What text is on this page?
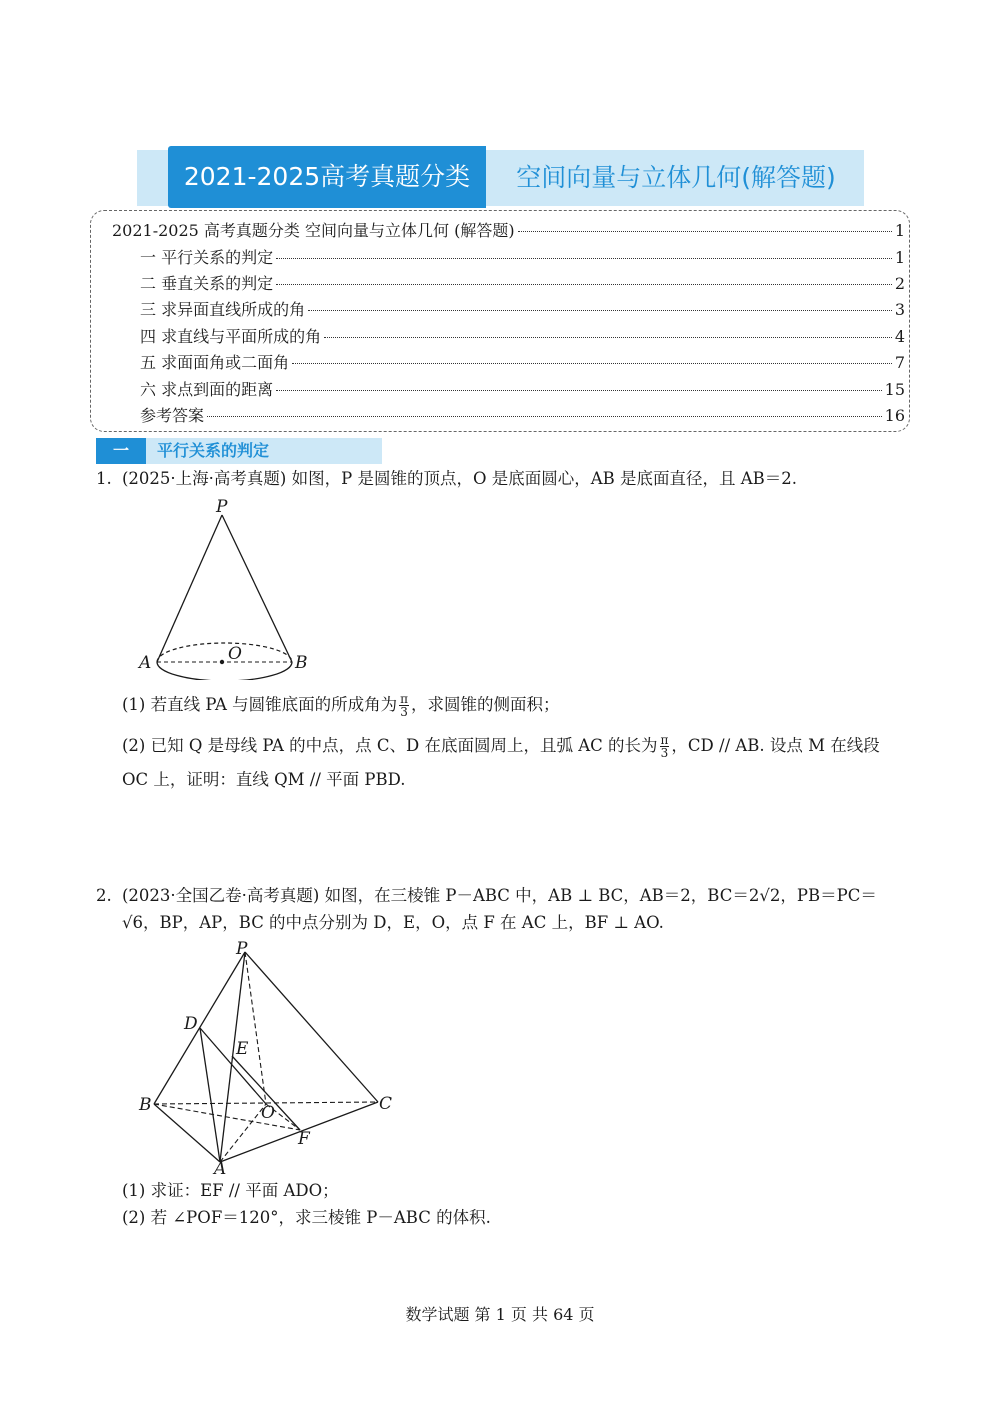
2021-2025高考真题分类	空间向量与立体几何(解答题)
2021-2025 高考真题分类 空间向量与立体几何 (解答题)	1
一 平行关系的判定	1
二 垂直关系的判定	2
三 求异面直线所成的角	3
四 求直线与平面所成的角	4
五 求面面角或二面角	7
六 求点到面的距离	15
参考答案	16
一	平行关系的判定
1. (2025·上海·高考真题) 如图，P 是圆锥的顶点，O 是底面圆心，AB 是底面直径，且 AB＝2.
P
A	B
O
(1) 若直线 PA 与圆锥底面的所成角为 $\frac{\pi}{3}$ ，求圆锥的侧面积；
(2) 已知 Q 是母线 PA 的中点，点 C、D 在底面圆周上，且弧 AC 的长为 $\frac{\pi}{3}$ ，CD // AB. 设点 M 在线段
OC 上，证明：直线 QM // 平面 PBD.
2. (2023·全国乙卷·高考真题) 如图，在三棱锥 P－ABC 中，AB ⊥ BC，AB＝2，BC＝2√2，PB＝PC＝
√6，BP，AP，BC 的中点分别为 D，E，O，点 F 在 AC 上，BF ⊥ AO.
P
D
E
B	O	C
F
A
(1) 求证：EF // 平面 ADO；
(2) 若 ∠POF＝120°，求三棱锥 P－ABC 的体积.
数学试题 第 1 页 共 64 页
